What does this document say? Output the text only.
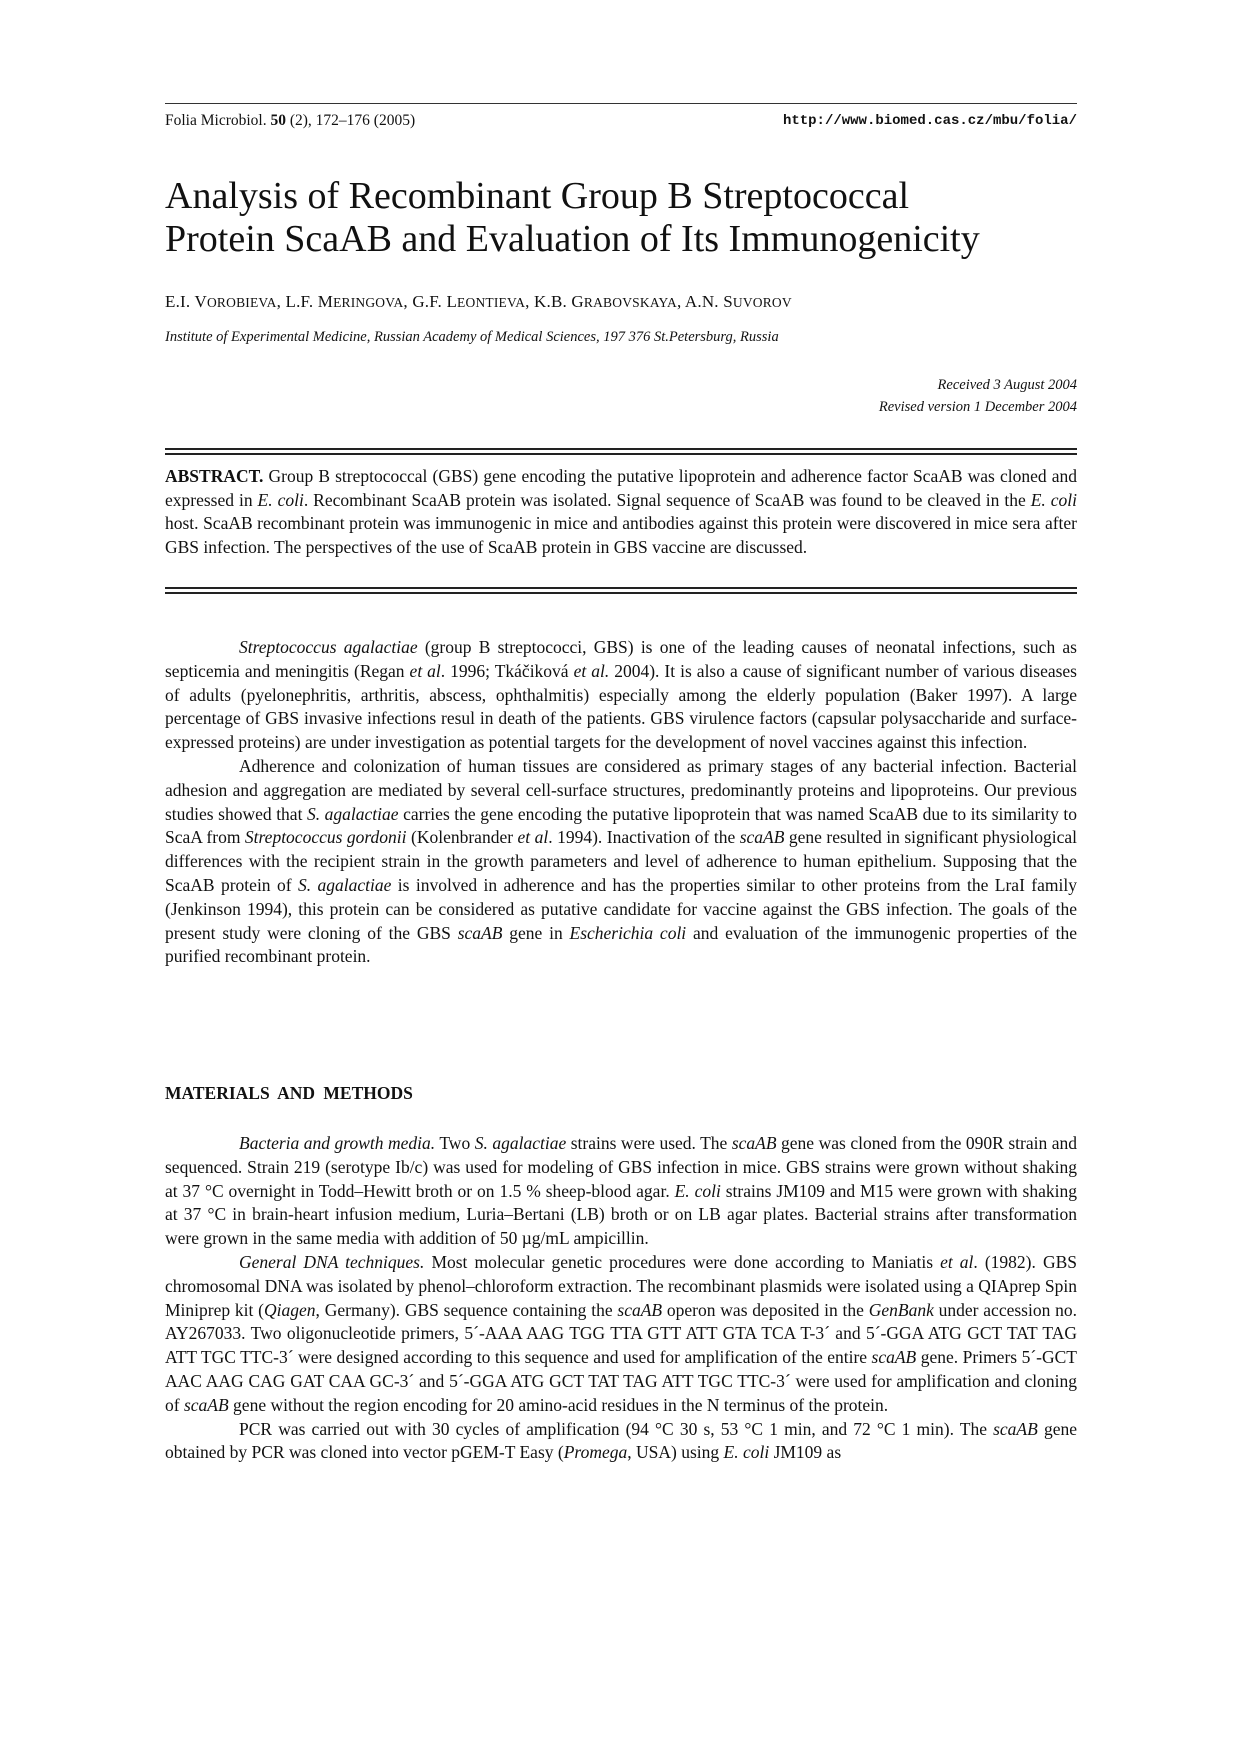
Folia Microbiol. 50 (2), 172–176 (2005)	http://www.biomed.cas.cz/mbu/folia/
Analysis of Recombinant Group B Streptococcal
Protein ScaAB and Evaluation of Its Immunogenicity
E.I. VOROBIEVA, L.F. MERINGOVA, G.F. LEONTIEVA, K.B. GRABOVSKAYA, A.N. SUVOROV
Institute of Experimental Medicine, Russian Academy of Medical Sciences, 197 376 St.Petersburg, Russia
Received 3 August 2004
Revised version 1 December 2004
ABSTRACT. Group B streptococcal (GBS) gene encoding the putative lipoprotein and adherence factor ScaAB was cloned and expressed in E. coli. Recombinant ScaAB protein was isolated. Signal sequence of ScaAB was found to be cleaved in the E. coli host. ScaAB recombinant protein was immunogenic in mice and antibodies against this protein were discovered in mice sera after GBS infection. The perspectives of the use of ScaAB protein in GBS vaccine are discussed.

Streptococcus agalactiae (group B streptococci, GBS) is one of the leading causes of neonatal infections, such as septicemia and meningitis (Regan et al. 1996; Tkáčiková et al. 2004). It is also a cause of significant number of various diseases of adults (pyelonephritis, arthritis, abscess, ophthalmitis) especially among the elderly population (Baker 1997). A large percentage of GBS invasive infections resul in death of the patients. GBS virulence factors (capsular polysaccharide and surface-expressed proteins) are under investigation as potential targets for the development of novel vaccines against this infection.

Adherence and colonization of human tissues are considered as primary stages of any bacterial infection. Bacterial adhesion and aggregation are mediated by several cell-surface structures, predominantly proteins and lipoproteins. Our previous studies showed that S. agalactiae carries the gene encoding the putative lipoprotein that was named ScaAB due to its similarity to ScaA from Streptococcus gordonii (Kolenbrander et al. 1994). Inactivation of the scaAB gene resulted in significant physiological differences with the recipient strain in the growth parameters and level of adherence to human epithelium. Supposing that the ScaAB protein of S. agalactiae is involved in adherence and has the properties similar to other proteins from the LraI family (Jenkinson 1994), this protein can be considered as putative candidate for vaccine against the GBS infection. The goals of the present study were cloning of the GBS scaAB gene in Escherichia coli and evaluation of the immunogenic properties of the purified recombinant protein.

MATERIALS AND METHODS

Bacteria and growth media. Two S. agalactiae strains were used. The scaAB gene was cloned from the 090R strain and sequenced. Strain 219 (serotype Ib/c) was used for modeling of GBS infection in mice. GBS strains were grown without shaking at 37 °C overnight in Todd–Hewitt broth or on 1.5 % sheep-blood agar. E. coli strains JM109 and M15 were grown with shaking at 37 °C in brain-heart infusion medium, Luria–Bertani (LB) broth or on LB agar plates. Bacterial strains after transformation were grown in the same media with addition of 50 µg/mL ampicillin.

General DNA techniques. Most molecular genetic procedures were done according to Maniatis et al. (1982). GBS chromosomal DNA was isolated by phenol–chloroform extraction. The recombinant plasmids were isolated using a QIAprep Spin Miniprep kit (Qiagen, Germany). GBS sequence containing the scaAB operon was deposited in the GenBank under accession no. AY267033. Two oligonucleotide primers, 5´-AAA AAG TGG TTA GTT ATT GTA TCA T-3´ and 5´-GGA ATG GCT TAT TAG ATT TGC TTC-3´ were designed according to this sequence and used for amplification of the entire scaAB gene. Primers 5´-GCT AAC AAG CAG GAT CAA GC-3´ and 5´-GGA ATG GCT TAT TAG ATT TGC TTC-3´ were used for amplification and cloning of scaAB gene without the region encoding for 20 amino-acid residues in the N terminus of the protein.

PCR was carried out with 30 cycles of amplification (94 °C 30 s, 53 °C 1 min, and 72 °C 1 min). The scaAB gene obtained by PCR was cloned into vector pGEM-T Easy (Promega, USA) using E. coli JM109 as
